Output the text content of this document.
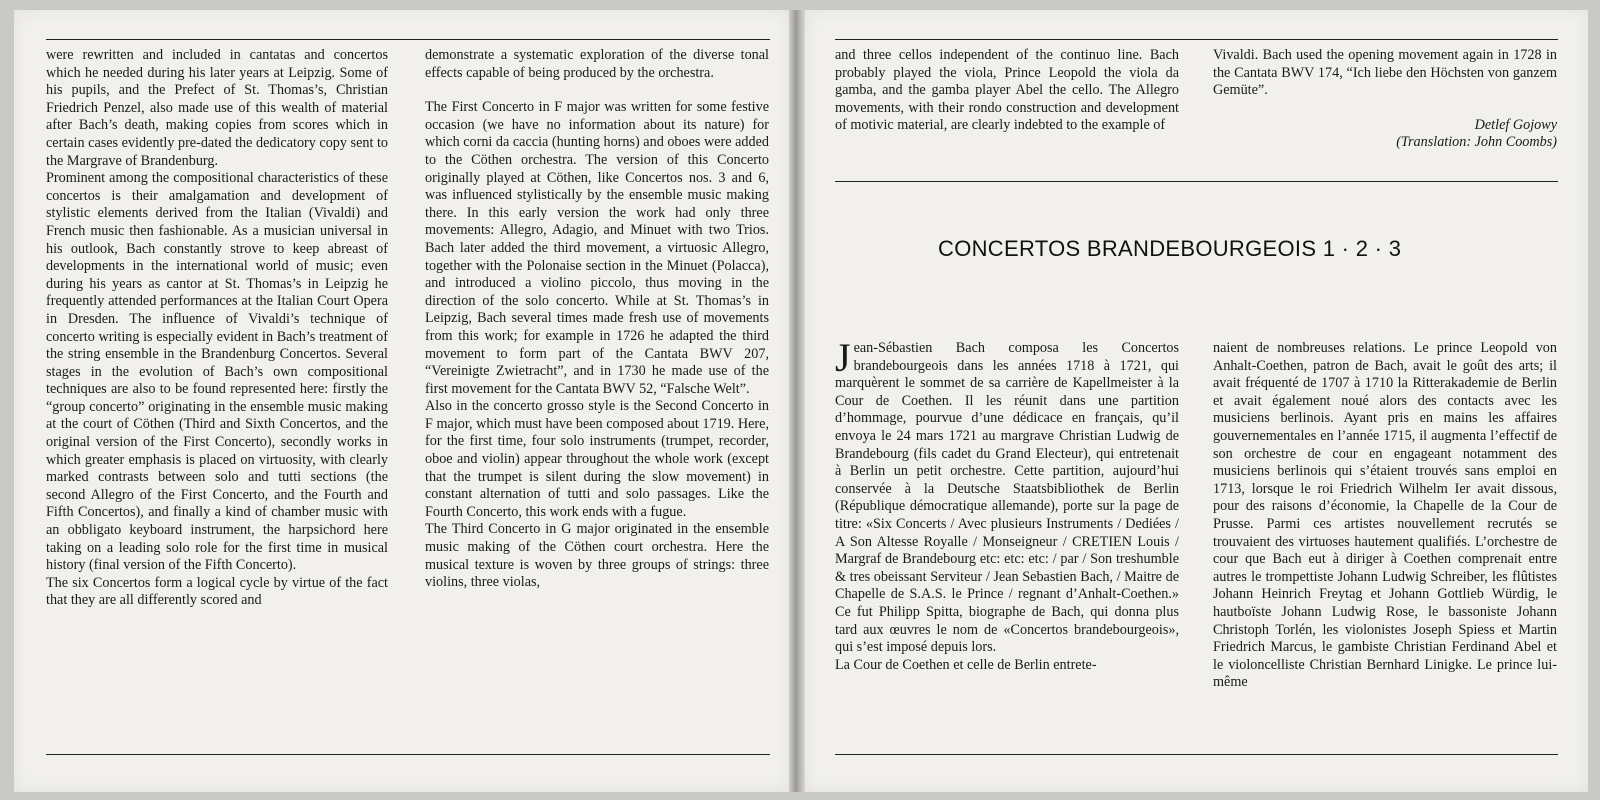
were rewritten and included in cantatas and concertos which he needed during his later years at Leipzig. Some of his pupils, and the Prefect of St. Thomas’s, Christian Friedrich Penzel, also made use of this wealth of material after Bach’s death, making copies from scores which in certain cases evidently pre-dated the dedicatory copy sent to the Margrave of Brandenburg.

Prominent among the compositional characteristics of these concertos is their amalgamation and development of stylistic elements derived from the Italian (Vivaldi) and French music then fashionable. As a musician universal in his outlook, Bach constantly strove to keep abreast of developments in the international world of music; even during his years as cantor at St. Thomas’s in Leipzig he frequently attended performances at the Italian Court Opera in Dresden. The influence of Vivaldi’s technique of concerto writing is especially evident in Bach’s treatment of the string ensemble in the Brandenburg Concertos. Several stages in the evolution of Bach’s own compositional techniques are also to be found represented here: firstly the “group concerto” originating in the ensemble music making at the court of Cöthen (Third and Sixth Concertos, and the original version of the First Concerto), secondly works in which greater emphasis is placed on virtuosity, with clearly marked contrasts between solo and tutti sections (the second Allegro of the First Concerto, and the Fourth and Fifth Concertos), and finally a kind of chamber music with an obbligato keyboard instrument, the harpsichord here taking on a leading solo role for the first time in musical history (final version of the Fifth Concerto).

The six Concertos form a logical cycle by virtue of the fact that they are all differently scored and

demonstrate a systematic exploration of the diverse tonal effects capable of being produced by the orchestra.

The First Concerto in F major was written for some festive occasion (we have no information about its nature) for which corni da caccia (hunting horns) and oboes were added to the Cöthen orchestra. The version of this Concerto originally played at Cöthen, like Concertos nos. 3 and 6, was influenced stylistically by the ensemble music making there. In this early version the work had only three movements: Allegro, Adagio, and Minuet with two Trios. Bach later added the third movement, a virtuosic Allegro, together with the Polonaise section in the Minuet (Polacca), and introduced a violino piccolo, thus moving in the direction of the solo concerto. While at St. Thomas’s in Leipzig, Bach several times made fresh use of movements from this work; for example in 1726 he adapted the third movement to form part of the Cantata BWV 207, “Vereinigte Zwietracht”, and in 1730 he made use of the first movement for the Cantata BWV 52, “Falsche Welt”.

Also in the concerto grosso style is the Second Concerto in F major, which must have been composed about 1719. Here, for the first time, four solo instruments (trumpet, recorder, oboe and violin) appear throughout the whole work (except that the trumpet is silent during the slow movement) in constant alternation of tutti and solo passages. Like the Fourth Concerto, this work ends with a fugue.

The Third Concerto in G major originated in the ensemble music making of the Cöthen court orchestra. Here the musical texture is woven by three groups of strings: three violins, three violas,

and three cellos independent of the continuo line. Bach probably played the viola, Prince Leopold the viola da gamba, and the gamba player Abel the cello. The Allegro movements, with their rondo construction and development of motivic material, are clearly indebted to the example of

Vivaldi. Bach used the opening movement again in 1728 in the Cantata BWV 174, “Ich liebe den Höchsten von ganzem Gemüte”.

Detlef Gojowy

(Translation: John Coombs)

CONCERTOS BRANDEBOURGEOIS 1 · 2 · 3

Jean-Sébastien Bach composa les Concertos brandebourgeois dans les années 1718 à 1721, qui marquèrent le sommet de sa carrière de Kapellmeister à la Cour de Coethen. Il les réunit dans une partition d’hommage, pourvue d’une dédicace en français, qu’il envoya le 24 mars 1721 au margrave Christian Ludwig de Brandebourg (fils cadet du Grand Electeur), qui entretenait à Berlin un petit orchestre. Cette partition, aujourd’hui conservée à la Deutsche Staatsbibliothek de Berlin (République démocratique allemande), porte sur la page de titre: «Six Concerts / Avec plusieurs Instruments / Dediées / A Son Altesse Royalle / Monseigneur / CRETIEN Louis / Margraf de Brandebourg etc: etc: etc: / par / Son treshumble & tres obeissant Serviteur / Jean Sebastien Bach, / Maitre de Chapelle de S.A.S. le Prince / regnant d’Anhalt-Coethen.» Ce fut Philipp Spitta, biographe de Bach, qui donna plus tard aux œuvres le nom de «Concertos brandebourgeois», qui s’est imposé depuis lors.

La Cour de Coethen et celle de Berlin entrete-

naient de nombreuses relations. Le prince Leopold von Anhalt-Coethen, patron de Bach, avait le goût des arts; il avait fréquenté de 1707 à 1710 la Ritterakademie de Berlin et avait également noué alors des contacts avec les musiciens berlinois. Ayant pris en mains les affaires gouvernementales en l’année 1715, il augmenta l’effectif de son orchestre de cour en engageant notamment des musiciens berlinois qui s’étaient trouvés sans emploi en 1713, lorsque le roi Friedrich Wilhelm Ier avait dissous, pour des raisons d’économie, la Chapelle de la Cour de Prusse. Parmi ces artistes nouvellement recrutés se trouvaient des virtuoses hautement qualifiés. L’orchestre de cour que Bach eut à diriger à Coethen comprenait entre autres le trompettiste Johann Ludwig Schreiber, les flûtistes Johann Heinrich Freytag et Johann Gottlieb Würdig, le hautboïste Johann Ludwig Rose, le bassoniste Johann Christoph Torlén, les violonistes Joseph Spiess et Martin Friedrich Marcus, le gambiste Christian Ferdinand Abel et le violoncelliste Christian Bernhard Linigke. Le prince lui-même
